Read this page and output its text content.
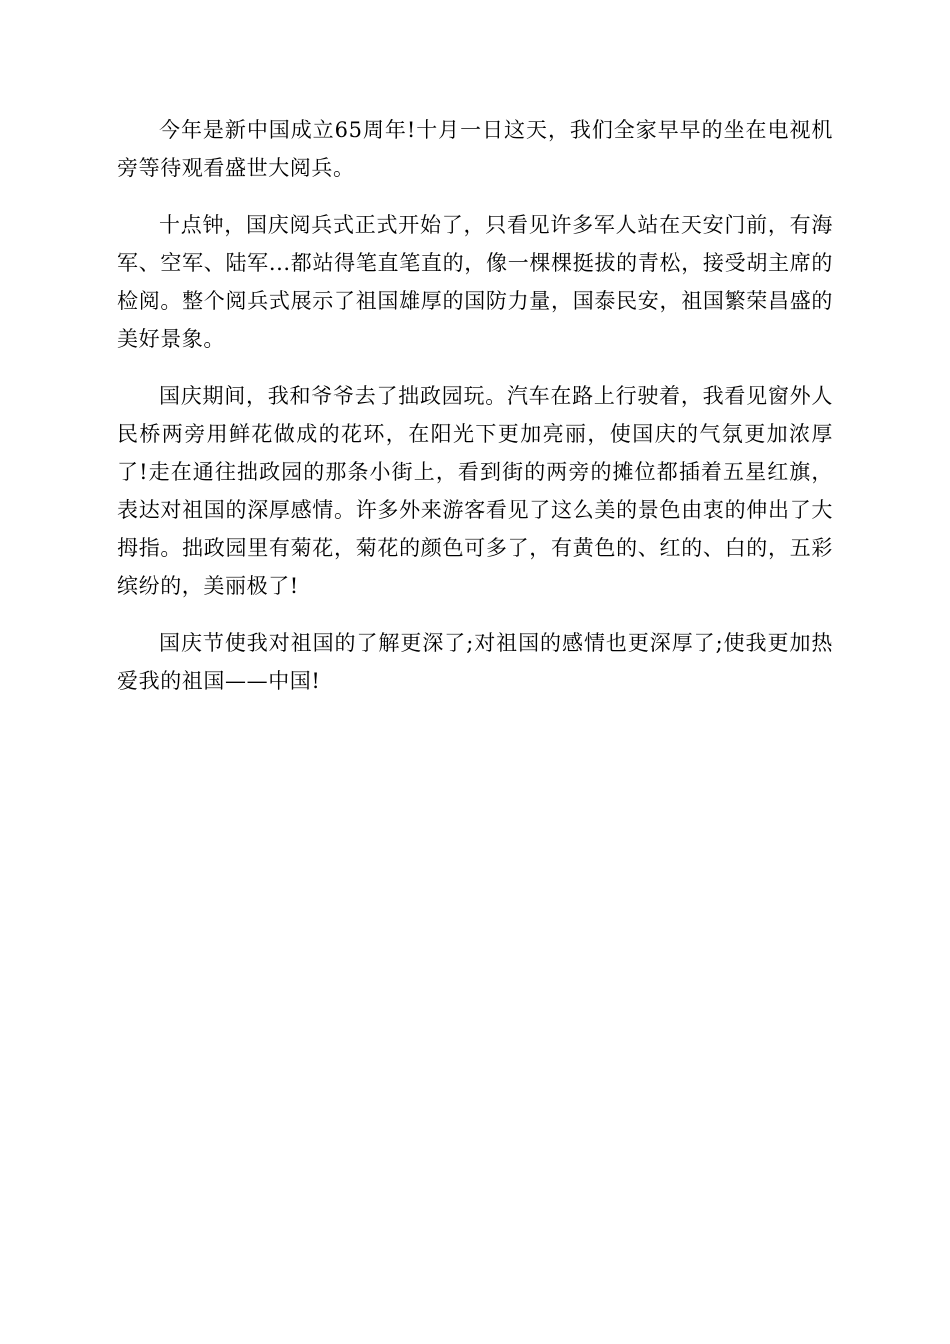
今年是新中国成立65周年!十月一日这天，我们全家早早的坐在电视机旁等待观看盛世大阅兵。

十点钟，国庆阅兵式正式开始了，只看见许多军人站在天安门前，有海军、空军、陆军...都站得笔直笔直的，像一棵棵挺拔的青松，接受胡主席的检阅。整个阅兵式展示了祖国雄厚的国防力量，国泰民安，祖国繁荣昌盛的美好景象。

国庆期间，我和爷爷去了拙政园玩。汽车在路上行驶着，我看见窗外人民桥两旁用鲜花做成的花环，在阳光下更加亮丽，使国庆的气氛更加浓厚了!走在通往拙政园的那条小街上，看到街的两旁的摊位都插着五星红旗，表达对祖国的深厚感情。许多外来游客看见了这么美的景色由衷的伸出了大拇指。拙政园里有菊花，菊花的颜色可多了，有黄色的、红的、白的，五彩缤纷的，美丽极了!

国庆节使我对祖国的了解更深了;对祖国的感情也更深厚了;使我更加热爱我的祖国——中国!
